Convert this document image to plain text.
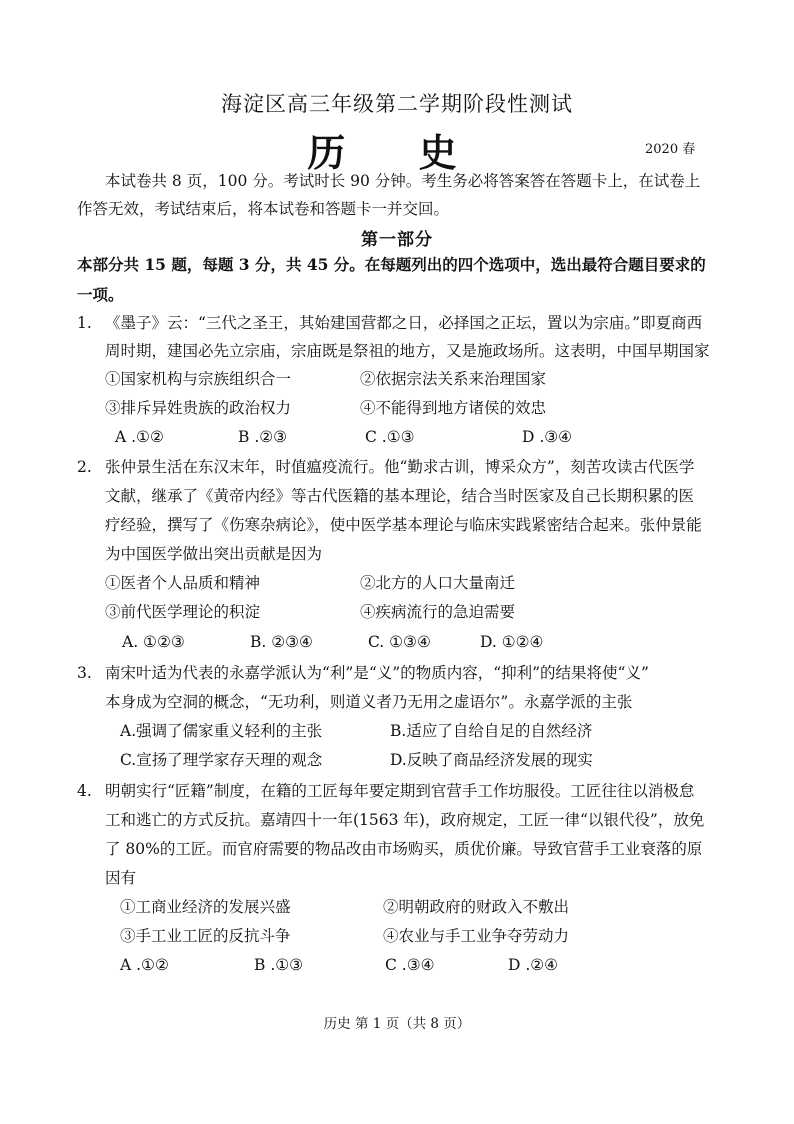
海淀区高三年级第二学期阶段性测试
历 史	2020 春
本试卷共 8 页，100 分。考试时长 90 分钟。考生务必将答案答在答题卡上，在试卷上
作答无效，考试结束后，将本试卷和答题卡一并交回。
第一部分
本部分共 15 题，每题 3 分，共 45 分。在每题列出的四个选项中，选出最符合题目要求的
一项。
1. 《墨子》云：“三代之圣王，其始建国营都之日，必择国之正坛，置以为宗庙。”即夏商西
周时期，建国必先立宗庙，宗庙既是祭祖的地方，又是施政场所。这表明，中国早期国家
①国家机构与宗族组织合一	②依据宗法关系来治理国家
③排斥异姓贵族的政治权力	④不能得到地方诸侯的效忠
A .①②	B .②③	C .①③	D .③④
2. 张仲景生活在东汉末年，时值瘟疫流行。他“勤求古训，博采众方”，刻苦攻读古代医学
文献，继承了《黄帝内经》等古代医籍的基本理论，结合当时医家及自己长期积累的医
疗经验，撰写了《伤寒杂病论》，使中医学基本理论与临床实践紧密结合起来。张仲景能
为中国医学做出突出贡献是因为
①医者个人品质和精神	②北方的人口大量南迁
③前代医学理论的积淀	④疾病流行的急迫需要
A. ①②③	B. ②③④	C. ①③④	D. ①②④
3. 南宋叶适为代表的永嘉学派认为“利”是“义”的物质内容，“抑利”的结果将使“义”
本身成为空洞的概念，“无功利，则道义者乃无用之虚语尔”。永嘉学派的主张
A.强调了儒家重义轻利的主张	B.适应了自给自足的自然经济
C.宣扬了理学家存天理的观念	D.反映了商品经济发展的现实
4. 明朝实行“匠籍”制度，在籍的工匠每年要定期到官营手工作坊服役。工匠往往以消极怠
工和逃亡的方式反抗。嘉靖四十一年(1563 年)，政府规定，工匠一律“以银代役”，放免
了 80%的工匠。而官府需要的物品改由市场购买，质优价廉。导致官营手工业衰落的原
因有
①工商业经济的发展兴盛	②明朝政府的财政入不敷出
③手工业工匠的反抗斗争	④农业与手工业争夺劳动力
A .①②	B .①③	C .③④	D .②④
历史 第 1 页（共 8 页）
